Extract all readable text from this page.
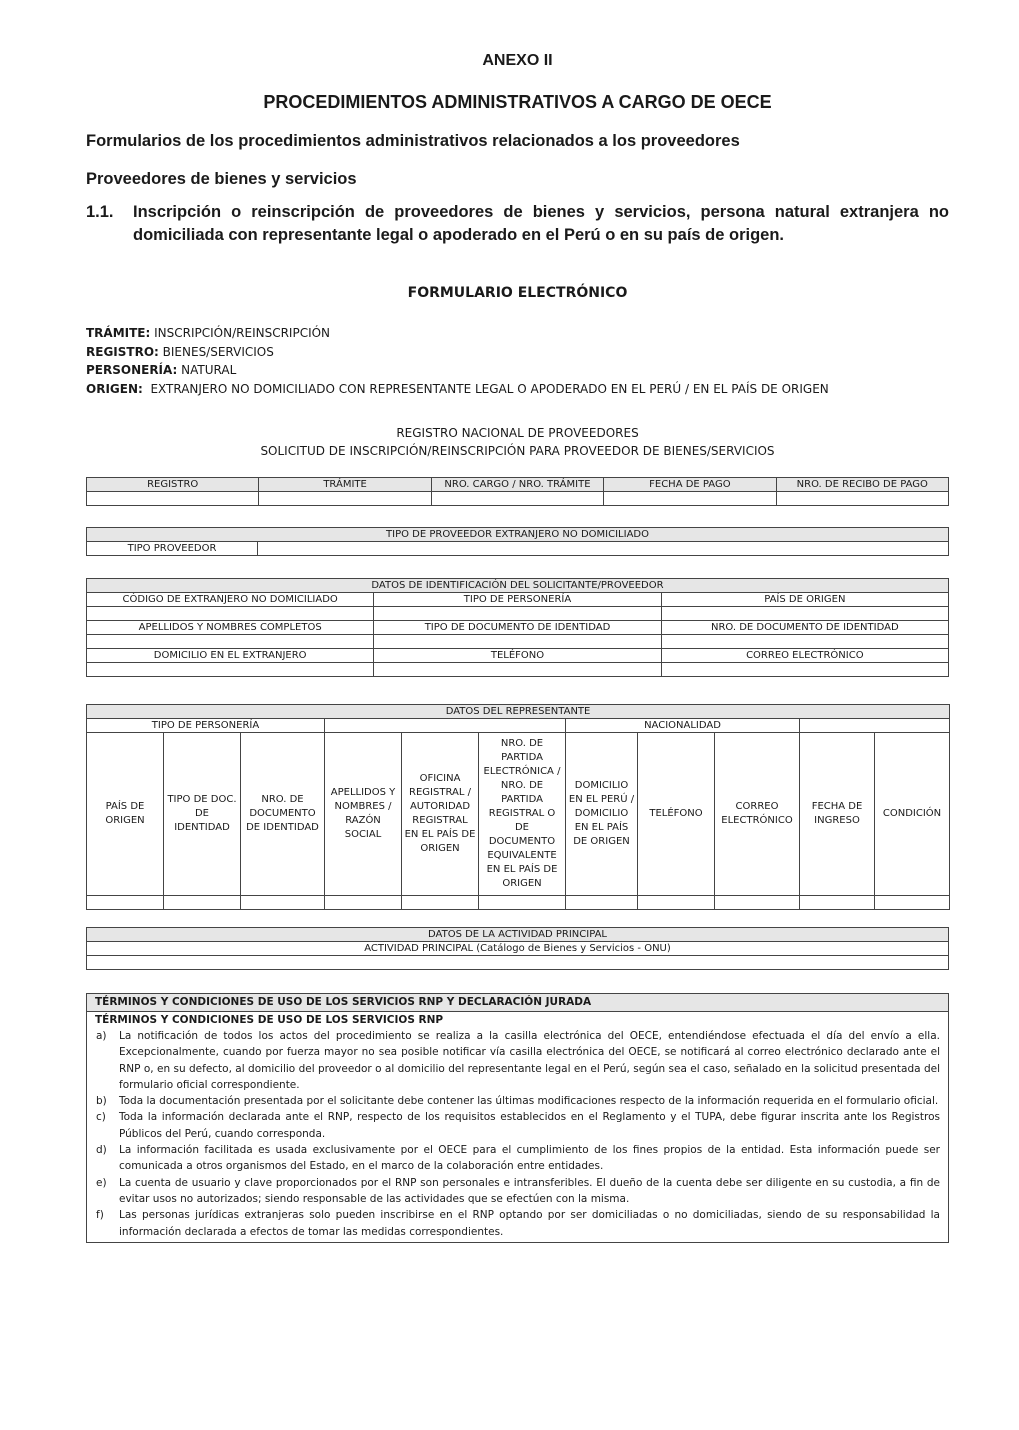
ANEXO II
PROCEDIMIENTOS ADMINISTRATIVOS A CARGO DE OECE
Formularios de los procedimientos administrativos relacionados a los proveedores
Proveedores de bienes y servicios
1.1. Inscripción o reinscripción de proveedores de bienes y servicios, persona natural extranjera no domiciliada con representante legal o apoderado en el Perú o en su país de origen.
FORMULARIO ELECTRÓNICO
TRÁMITE: INSCRIPCIÓN/REINSCRIPCIÓN
REGISTRO: BIENES/SERVICIOS
PERSONERÍA: NATURAL
ORIGEN: EXTRANJERO NO DOMICILIADO CON REPRESENTANTE LEGAL O APODERADO EN EL PERÚ / EN EL PAÍS DE ORIGEN
REGISTRO NACIONAL DE PROVEEDORES
SOLICITUD DE INSCRIPCIÓN/REINSCRIPCIÓN PARA PROVEEDOR DE BIENES/SERVICIOS
REGISTRO	TRÁMITE	NRO. CARGO / NRO. TRÁMITE	FECHA DE PAGO	NRO. DE RECIBO DE PAGO

TIPO DE PROVEEDOR EXTRANJERO NO DOMICILIADO
TIPO PROVEEDOR	
DATOS DE IDENTIFICACIÓN DEL SOLICITANTE/PROVEEDOR		
CÓDIGO DE EXTRANJERO NO DOMICILIADO	TIPO DE PERSONERÍA	PAÍS DE ORIGEN

APELLIDOS Y NOMBRES COMPLETOS	TIPO DE DOCUMENTO DE IDENTIDAD	NRO. DE DOCUMENTO DE IDENTIDAD

DOMICILIO EN EL EXTRANJERO	TELÉFONO	CORREO ELECTRÓNICO

DATOS DEL REPRESENTANTE										
TIPO DE PERSONERÍA						NACIONALIDAD				
PAÍS DE ORIGEN	TIPO DE DOC. DE IDENTIDAD	NRO. DE DOCUMENTO DE IDENTIDAD	APELLIDOS Y NOMBRES / RAZÓN SOCIAL	OFICINA REGISTRAL / AUTORIDAD REGISTRAL EN EL PAÍS DE ORIGEN	NRO. DE PARTIDA ELECTRÓNICA / NRO. DE PARTIDA REGISTRAL O DE DOCUMENTO EQUIVALENTE EN EL PAÍS DE ORIGEN	DOMICILIO EN EL PERÚ / DOMICILIO EN EL PAÍS DE ORIGEN	TELÉFONO	CORREO ELECTRÓNICO	FECHA DE INGRESO	CONDICIÓN

DATOS DE LA ACTIVIDAD PRINCIPAL
ACTIVIDAD PRINCIPAL (Catálogo de Bienes y Servicios - ONU)

TÉRMINOS Y CONDICIONES DE USO DE LOS SERVICIOS RNP Y DECLARACIÓN JURADA
TÉRMINOS Y CONDICIONES DE USO DE LOS SERVICIOS RNP
a) La notificación de todos los actos del procedimiento se realiza a la casilla electrónica del OECE, entendiéndose efectuada el día del envío a ella. Excepcionalmente, cuando por fuerza mayor no sea posible notificar vía casilla electrónica del OECE, se notificará al correo electrónico declarado ante el RNP o, en su defecto, al domicilio del proveedor o al domicilio del representante legal en el Perú, según sea el caso, señalado en la solicitud presentada del formulario oficial correspondiente.
b) Toda la documentación presentada por el solicitante debe contener las últimas modificaciones respecto de la información requerida en el formulario oficial.
c) Toda la información declarada ante el RNP, respecto de los requisitos establecidos en el Reglamento y el TUPA, debe figurar inscrita ante los Registros Públicos del Perú, cuando corresponda.
d) La información facilitada es usada exclusivamente por el OECE para el cumplimiento de los fines propios de la entidad. Esta información puede ser comunicada a otros organismos del Estado, en el marco de la colaboración entre entidades.
e) La cuenta de usuario y clave proporcionados por el RNP son personales e intransferibles. El dueño de la cuenta debe ser diligente en su custodia, a fin de evitar usos no autorizados; siendo responsable de las actividades que se efectúen con la misma.
f) Las personas jurídicas extranjeras solo pueden inscribirse en el RNP optando por ser domiciliadas o no domiciliadas, siendo de su responsabilidad la información declarada a efectos de tomar las medidas correspondientes.
